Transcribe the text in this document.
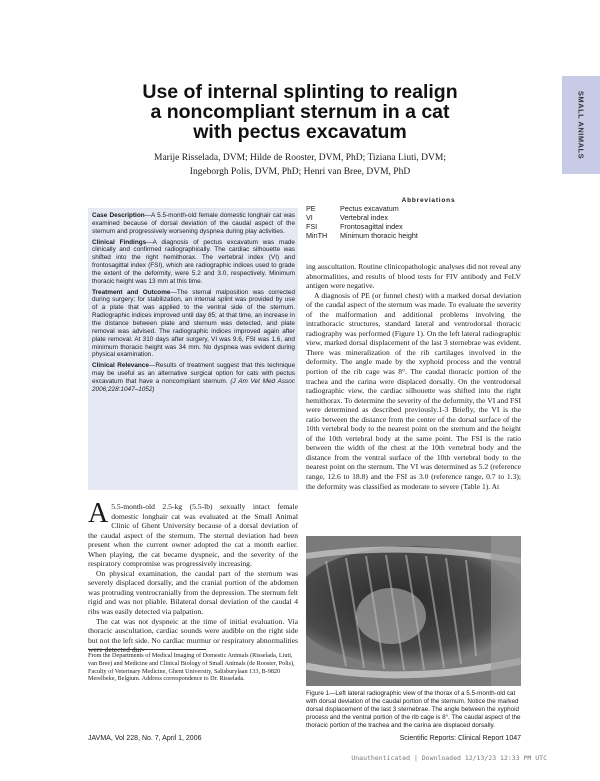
SMALL ANIMALS
Use of internal splinting to realign
a noncompliant sternum in a cat
with pectus excavatum
Marije Risselada, DVM; Hilde de Rooster, DVM, PhD; Tiziana Liuti, DVM;
Ingeborgh Polis, DVM, PhD; Henri van Bree, DVM, PhD

Case Description—A 5.5-month-old female domestic longhair cat was examined because of dorsal deviation of the caudal aspect of the sternum and progressively worsening dyspnea during play activities.

Clinical Findings—A diagnosis of pectus excavatum was made clinically and confirmed radiographically. The cardiac silhouette was shifted into the right hemithorax. The vertebral index (VI) and frontosagittal index (FSI), which are radiographic indices used to grade the extent of the deformity, were 5.2 and 3.0, respectively. Minimum thoracic height was 13 mm at this time.

Treatment and Outcome—The sternal malposition was corrected during surgery; for stabilization, an internal splint was provided by use of a plate that was applied to the ventral side of the sternum. Radiographic indices improved until day 85; at that time, an increase in the distance between plate and sternum was detected, and plate removal was advised. The radiographic indices improved again after plate removal. At 310 days after surgery, VI was 9.6, FSI was 1.6, and minimum thoracic height was 34 mm. No dyspnea was evident during physical examination.

Clinical Relevance—Results of treatment suggest that this technique may be useful as an alternative surgical option for cats with pectus excavatum that have a noncompliant sternum. (J Am Vet Med Assoc 2006;228:1047–1052)

Abbreviations
PE	Pectus excavatum
VI	Vertebral index
FSI	Frontosagittal index
MinTH	Minimum thoracic height

A 5.5-month-old 2.5-kg (5.5-lb) sexually intact female domestic longhair cat was evaluated at the Small Animal Clinic of Ghent University because of a dorsal deviation of the caudal aspect of the sternum. The sternal deviation had been present when the current owner adopted the cat a month earlier. When playing, the cat became dyspneic, and the severity of the respiratory compromise was progressively increasing.

On physical examination, the caudal part of the sternum was severely displaced dorsally, and the cranial portion of the abdomen was protruding ventrocranially from the depression. The sternum felt rigid and was not pliable. Bilateral dorsal deviation of the caudal 4 ribs was easily detected via palpation.

The cat was not dyspneic at the time of initial evaluation. Via thoracic auscultation, cardiac sounds were audible on the right side but not the left side. No cardiac murmur or respiratory abnormalities were detected dur-

From the Departments of Medical Imaging of Domestic Animals (Risselada, Liuti, van Bree) and Medicine and Clinical Biology of Small Animals (de Rooster, Polis), Faculty of Veterinary Medicine, Ghent University, Salisburylaan 133, B-9820 Merelbeke, Belgium. Address correspondence to Dr. Risselada.

ing auscultation. Routine clinicopathologic analyses did not reveal any abnormalities, and results of blood tests for FIV antibody and FeLV antigen were negative.

A diagnosis of PE (or funnel chest) with a marked dorsal deviation of the caudal aspect of the sternum was made. To evaluate the severity of the malformation and additional problems involving the intrathoracic structures, standard lateral and ventrodorsal thoracic radiography was performed (Figure 1). On the left lateral radiographic view, marked dorsal displacement of the last 3 sternebrae was evident. There was mineralization of the rib cartilages involved in the deformity. The angle made by the xyphoid process and the ventral portion of the rib cage was 8°. The caudal thoracic portion of the trachea and the carina were displaced dorsally. On the ventrodorsal radiographic view, the cardiac silhouette was shifted into the right hemithorax. To determine the severity of the deformity, the VI and FSI were determined as described previously.1-3 Briefly, the VI is the ratio between the distance from the center of the dorsal surface of the 10th vertebral body to the nearest point on the sternum and the height of the 10th vertebral body at the same point. The FSI is the ratio between the width of the chest at the 10th vertebral body and the distance from the ventral surface of the 10th vertebral body to the nearest point on the sternum. The VI was determined as 5.2 (reference range, 12.6 to 18.8) and the FSI as 3.0 (reference range, 0.7 to 1.3); the deformity was classified as moderate to severe (Table 1). At

Figure 1—Left lateral radiographic view of the thorax of a 5.5-month-old cat with dorsal deviation of the caudal portion of the sternum. Notice the marked dorsal displacement of the last 3 sternebrae. The angle between the xyphoid process and the ventral portion of the rib cage is 8°. The caudal aspect of the thoracic portion of the trachea and the carina are displaced dorsally.
JAVMA, Vol 228, No. 7, April 1, 2006	Scientific Reports: Clinical Report 1047
Unauthenticated | Downloaded 12/13/23 12:33 PM UTC
